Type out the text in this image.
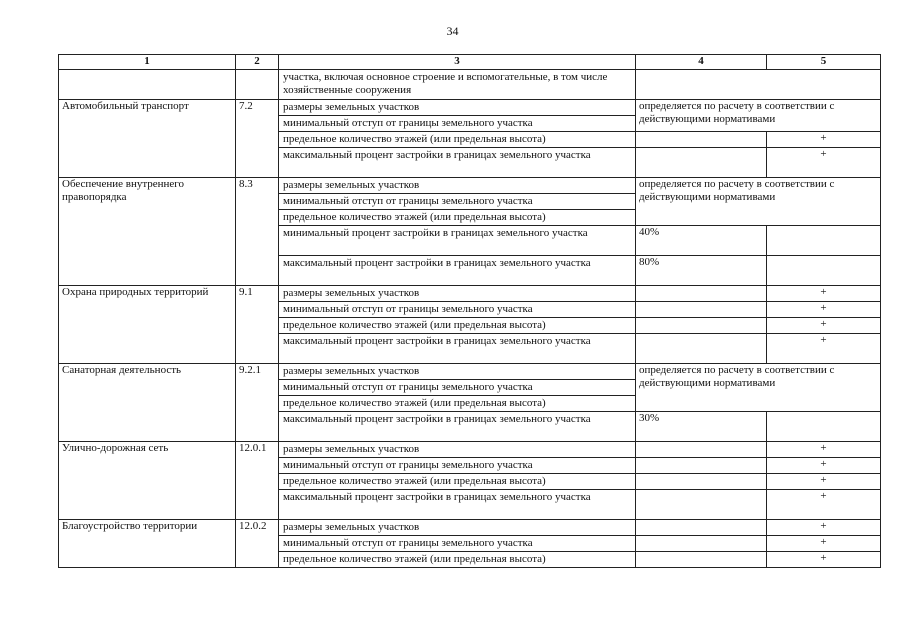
34
1	2	3	4	5
		участка, включая основное строение и вспомогательные, в том числе хозяйственные сооружения		
Автомобильный транспорт	7.2	размеры земельных участков	определяется по расчету в соответствии с действующими нормативами	
		минимальный отступ от границы земельного участка		
		предельное количество этажей (или предельная высота)		+
		максимальный процент застройки в границах земельного участка		+
Обеспечение внутреннего правопорядка	8.3	размеры земельных участков	определяется по расчету в соответствии с действующими нормативами	
		минимальный отступ от границы земельного участка		
		предельное количество этажей (или предельная высота)		
		минимальный процент застройки в границах земельного участка	40%	
		максимальный процент застройки в границах земельного участка	80%	
Охрана природных территорий	9.1	размеры земельных участков		+
		минимальный отступ от границы земельного участка		+
		предельное количество этажей (или предельная высота)		+
		максимальный процент застройки в границах земельного участка		+
Санаторная деятельность	9.2.1	размеры земельных участков	определяется по расчету в соответствии с действующими нормативами	
		минимальный отступ от границы земельного участка		
		предельное количество этажей (или предельная высота)		
		максимальный процент застройки в границах земельного участка	30%	
Улично-дорожная сеть	12.0.1	размеры земельных участков		+
		минимальный отступ от границы земельного участка		+
		предельное количество этажей (или предельная высота)		+
		максимальный процент застройки в границах земельного участка		+
Благоустройство территории	12.0.2	размеры земельных участков		+
		минимальный отступ от границы земельного участка		+
		предельное количество этажей (или предельная высота)		+
